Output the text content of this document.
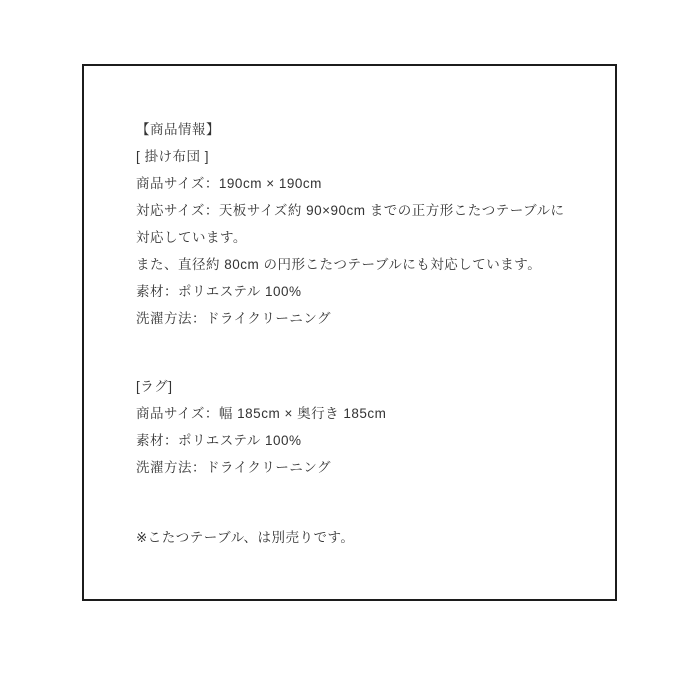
【商品情報】
[ 掛け布団 ]
商品サイズ：190cm × 190cm
対応サイズ：天板サイズ約 90×90cm までの正方形こたつテーブルに
対応しています。
また、直径約 80cm の円形こたつテーブルにも対応しています。
素材：ポリエステル 100%
洗濯方法：ドライクリーニング
[ラグ]
商品サイズ：幅 185cm × 奥行き 185cm
素材：ポリエステル 100%
洗濯方法：ドライクリーニング
※こたつテーブル、は別売りです。
